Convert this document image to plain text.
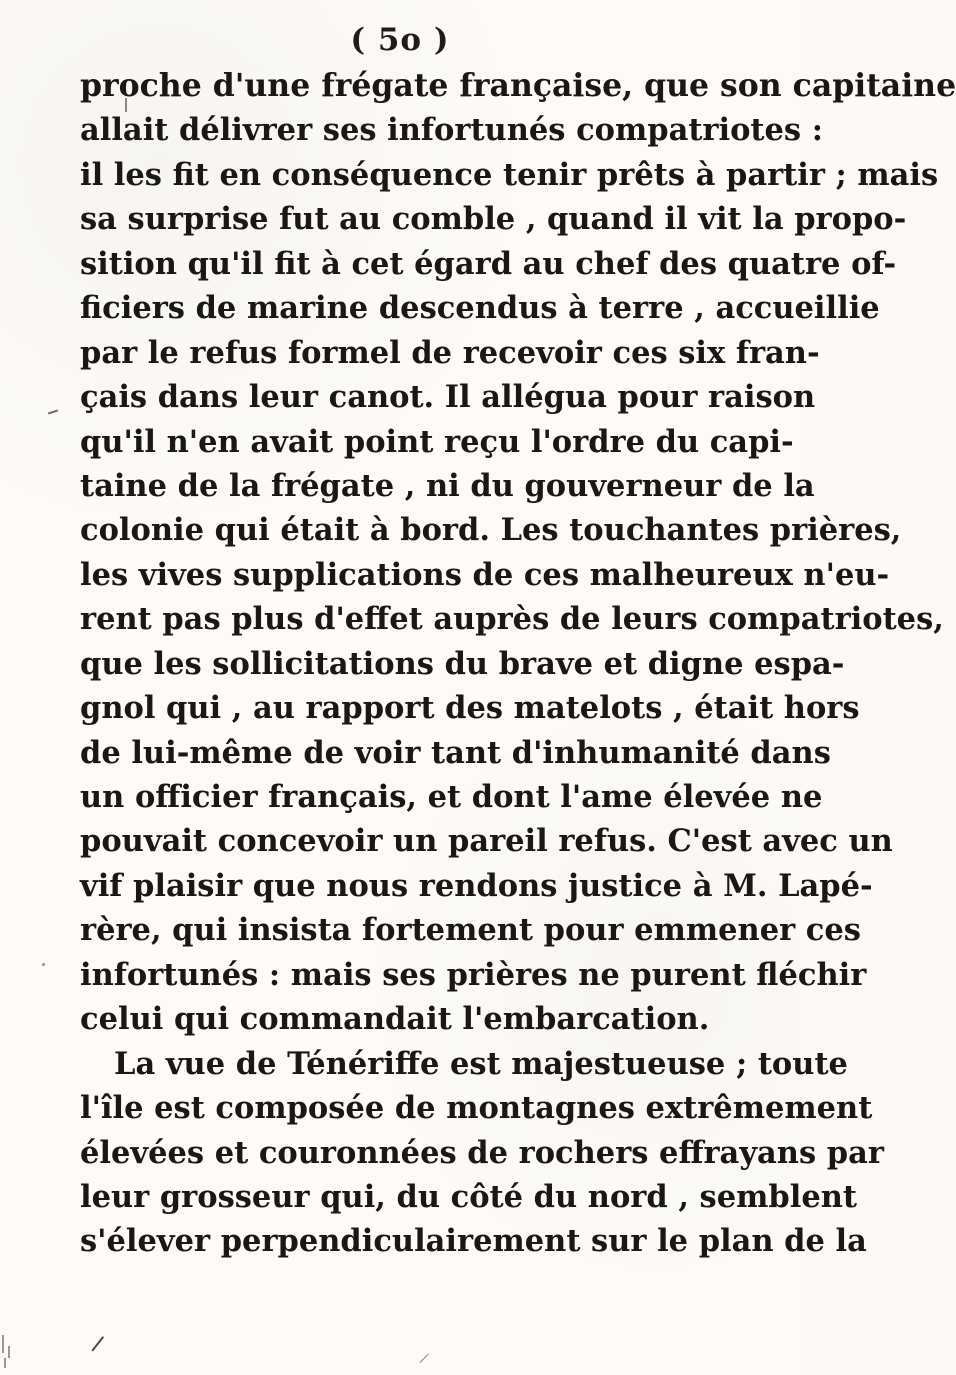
( 5o )
proche d'une frégate française, que son capitaine
allait délivrer ses infortunés compatriotes :
il les fit en conséquence tenir prêts à partir ; mais
sa surprise fut au comble , quand il vit la propo-
sition qu'il fit à cet égard au chef des quatre of-
ficiers de marine descendus à terre , accueillie
par le refus formel de recevoir ces six fran-
çais dans leur canot. Il allégua pour raison
qu'il n'en avait point reçu l'ordre du capi-
taine de la frégate , ni du gouverneur de la
colonie qui était à bord. Les touchantes prières,
les vives supplications de ces malheureux n'eu-
rent pas plus d'effet auprès de leurs compatriotes,
que les sollicitations du brave et digne espa-
gnol qui , au rapport des matelots , était hors
de lui-même de voir tant d'inhumanité dans
un officier français, et dont l'ame élevée ne
pouvait concevoir un pareil refus. C'est avec un
vif plaisir que nous rendons justice à M. Lapé-
rère, qui insista fortement pour emmener ces
infortunés : mais ses prières ne purent fléchir
celui qui commandait l'embarcation.
La vue de Ténériffe est majestueuse ; toute
l'île est composée de montagnes extrêmement
élevées et couronnées de rochers effrayans par
leur grosseur qui, du côté du nord , semblent
s'élever perpendiculairement sur le plan de la
